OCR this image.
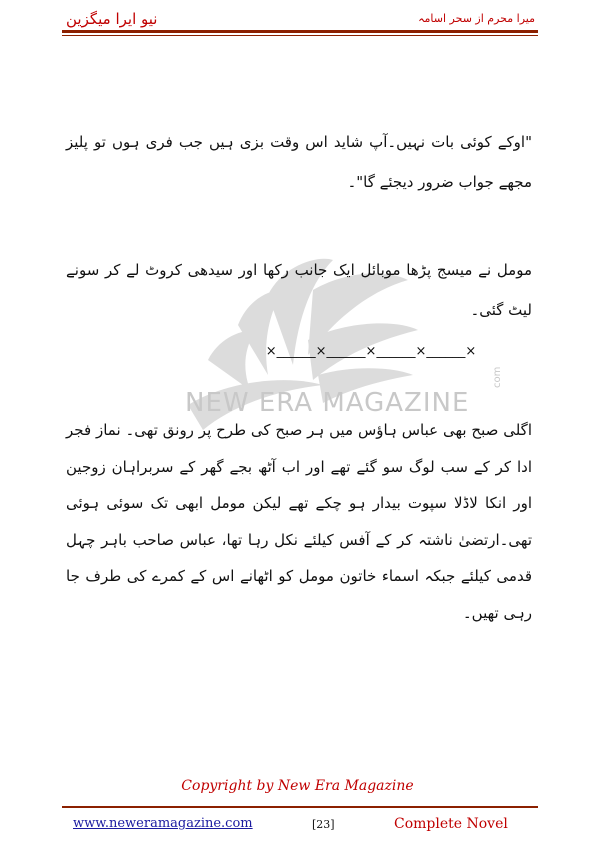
نیو ایرا میگزین	میرا محرم از سحر اسامہ
NEW ERA MAGAZINE
com
"اوکے کوئی بات نہیں۔آپ شاید اس وقت بزی ہیں جب فری ہوں تو پلیز مجھے جواب ضرور دیجئے گا"۔
مومل نے میسج پڑھا موبائل ایک جانب رکھا اور سیدھی کروٹ لے کر سونے لیٹ گئی۔
×______×______×______×______×
اگلی صبح بھی عباس ہاؤس میں ہر صبح کی طرح پر رونق تھی۔ نماز فجر ادا کر کے سب لوگ سو گئے تھے اور اب آٹھ بجے گھر کے سربراہان زوجین اور انکا لاڈلا سپوت بیدار ہو چکے تھے لیکن مومل ابھی تک سوئی ہوئی تھی۔ارتضیٰ ناشتہ کر کے آفس کیلئے نکل رہا تھا، عباس صاحب باہر چہل قدمی کیلئے جبکہ اسماء خاتون مومل کو اٹھانے اس کے کمرے کی طرف جا رہی تھیں۔
Copyright by New Era Magazine
www.neweramagazine.com	[23]	Complete Novel
